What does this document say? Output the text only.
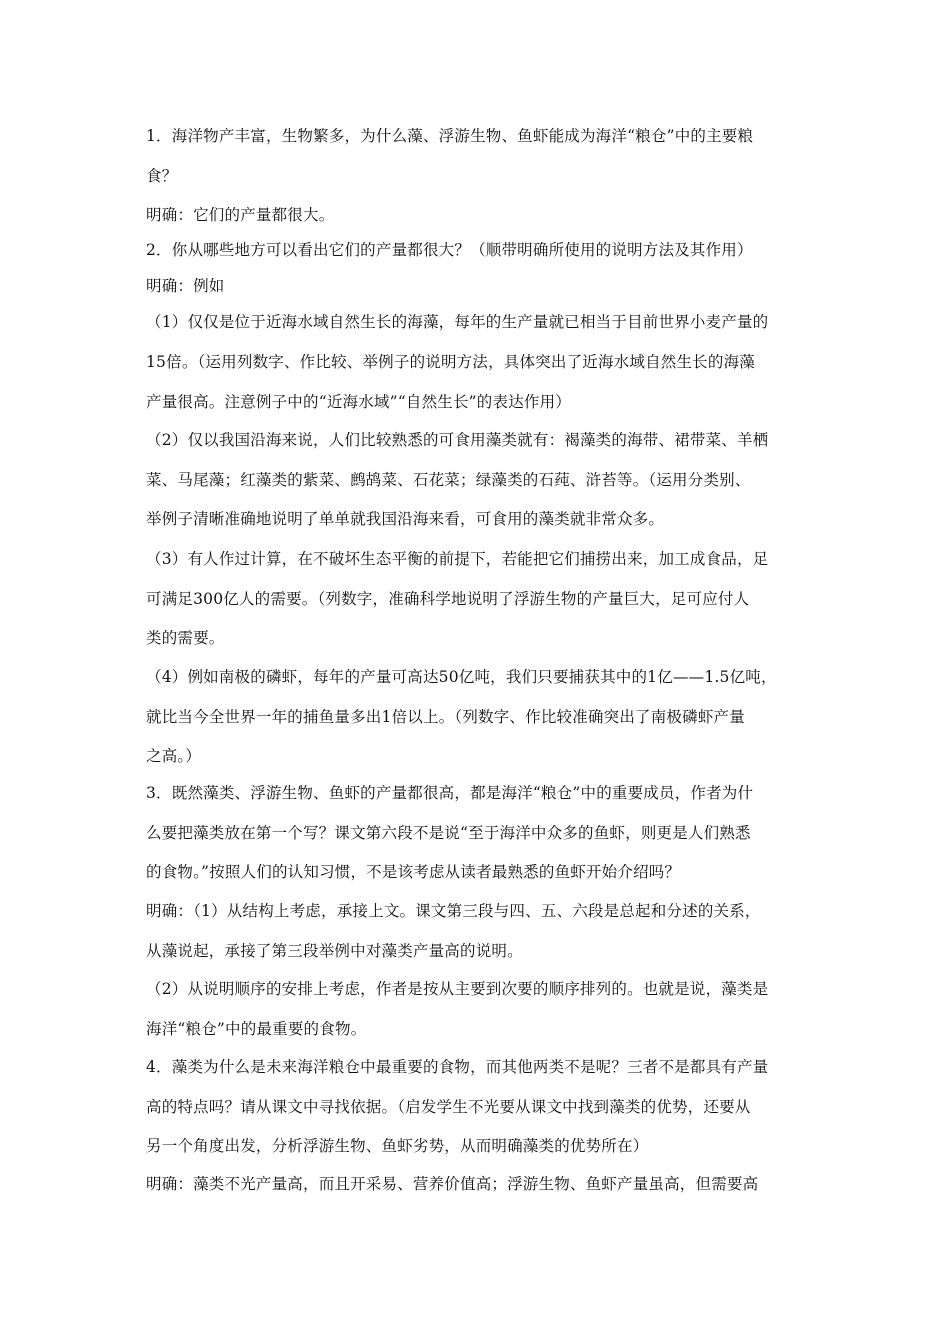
1．海洋物产丰富，生物繁多，为什么藻、浮游生物、鱼虾能成为海洋“粮仓”中的主要粮
食？
明确：它们的产量都很大。
2．你从哪些地方可以看出它们的产量都很大？（顺带明确所使用的说明方法及其作用）
明确：例如
（1）仅仅是位于近海水域自然生长的海藻，每年的生产量就已相当于目前世界小麦产量的
15倍。（运用列数字、作比较、举例子的说明方法，具体突出了近海水域自然生长的海藻
产量很高。注意例子中的“近海水域”“自然生长”的表达作用）
（2）仅以我国沿海来说，人们比较熟悉的可食用藻类就有：褐藻类的海带、裙带菜、羊栖
菜、马尾藻；红藻类的紫菜、鹧鸪菜、石花菜；绿藻类的石莼、浒苔等。（运用分类别、
举例子清晰准确地说明了单单就我国沿海来看，可食用的藻类就非常众多。
（3）有人作过计算，在不破坏生态平衡的前提下，若能把它们捕捞出来，加工成食品，足
可满足300亿人的需要。（列数字，准确科学地说明了浮游生物的产量巨大，足可应付人
类的需要。
（4）例如南极的磷虾，每年的产量可高达50亿吨，我们只要捕获其中的1亿——1.5亿吨，
就比当今全世界一年的捕鱼量多出1倍以上。（列数字、作比较准确突出了南极磷虾产量
之高。）
3．既然藻类、浮游生物、鱼虾的产量都很高，都是海洋“粮仓”中的重要成员，作者为什
么要把藻类放在第一个写？课文第六段不是说“至于海洋中众多的鱼虾，则更是人们熟悉
的食物。”按照人们的认知习惯，不是该考虑从读者最熟悉的鱼虾开始介绍吗？
明确：（1）从结构上考虑，承接上文。课文第三段与四、五、六段是总起和分述的关系，
从藻说起，承接了第三段举例中对藻类产量高的说明。
（2）从说明顺序的安排上考虑，作者是按从主要到次要的顺序排列的。也就是说，藻类是
海洋“粮仓”中的最重要的食物。
4．藻类为什么是未来海洋粮仓中最重要的食物，而其他两类不是呢？三者不是都具有产量
高的特点吗？请从课文中寻找依据。（启发学生不光要从课文中找到藻类的优势，还要从
另一个角度出发，分析浮游生物、鱼虾劣势，从而明确藻类的优势所在）
明确：藻类不光产量高，而且开采易、营养价值高；浮游生物、鱼虾产量虽高，但需要高
